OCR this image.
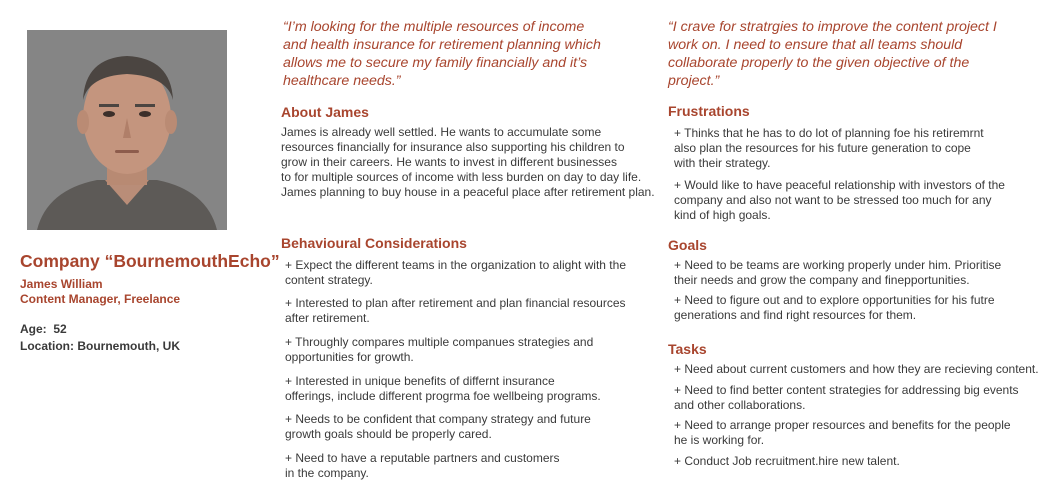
Company “BournemouthEcho”
James William
Content Manager, Freelance
Age: 52
Location: Bournemouth, UK
“I’m looking for the multiple resources of income
and health insurance for retirement planning which
allows me to secure my family financially and it’s
healthcare needs.”
About James
James is already well settled. He wants to accumulate some
resources financially for insurance also supporting his children to
grow in their careers. He wants to invest in different businesses
to for multiple sources of income with less burden on day to day life.
James planning to buy house in a peaceful place after retirement plan.
Behavioural Considerations
+ Expect the different teams in the organization to alight with the
content strategy.
+ Interested to plan after retirement and plan financial resources
after retirement.
+ Throughly compares multiple companues strategies and
opportunities for growth.
+ Interested in unique benefits of differnt insurance
offerings, include different progrma foe wellbeing programs.
+ Needs to be confident that company strategy and future
growth goals should be properly cared.
+ Need to have a reputable partners and customers
in the company.
“I crave for stratrgies to improve the content project I
work on. I need to ensure that all teams should
collaborate properly to the given objective of the
project.”
Frustrations
+ Thinks that he has to do lot of planning foe his retiremrnt
also plan the resources for his future generation to cope
with their strategy.
+ Would like to have peaceful relationship with investors of the
company and also not want to be stressed too much for any
kind of high goals.
Goals
+ Need to be teams are working properly under him. Prioritise
their needs and grow the company and finepportunities.
+ Need to figure out and to explore opportunities for his futre
generations and find right resources for them.
Tasks
+ Need about current customers and how they are recieving content.
+ Need to find better content strategies for addressing big events
and other collaborations.
+ Need to arrange proper resources and benefits for the people
he is working for.
+ Conduct Job recruitment.hire new talent.
